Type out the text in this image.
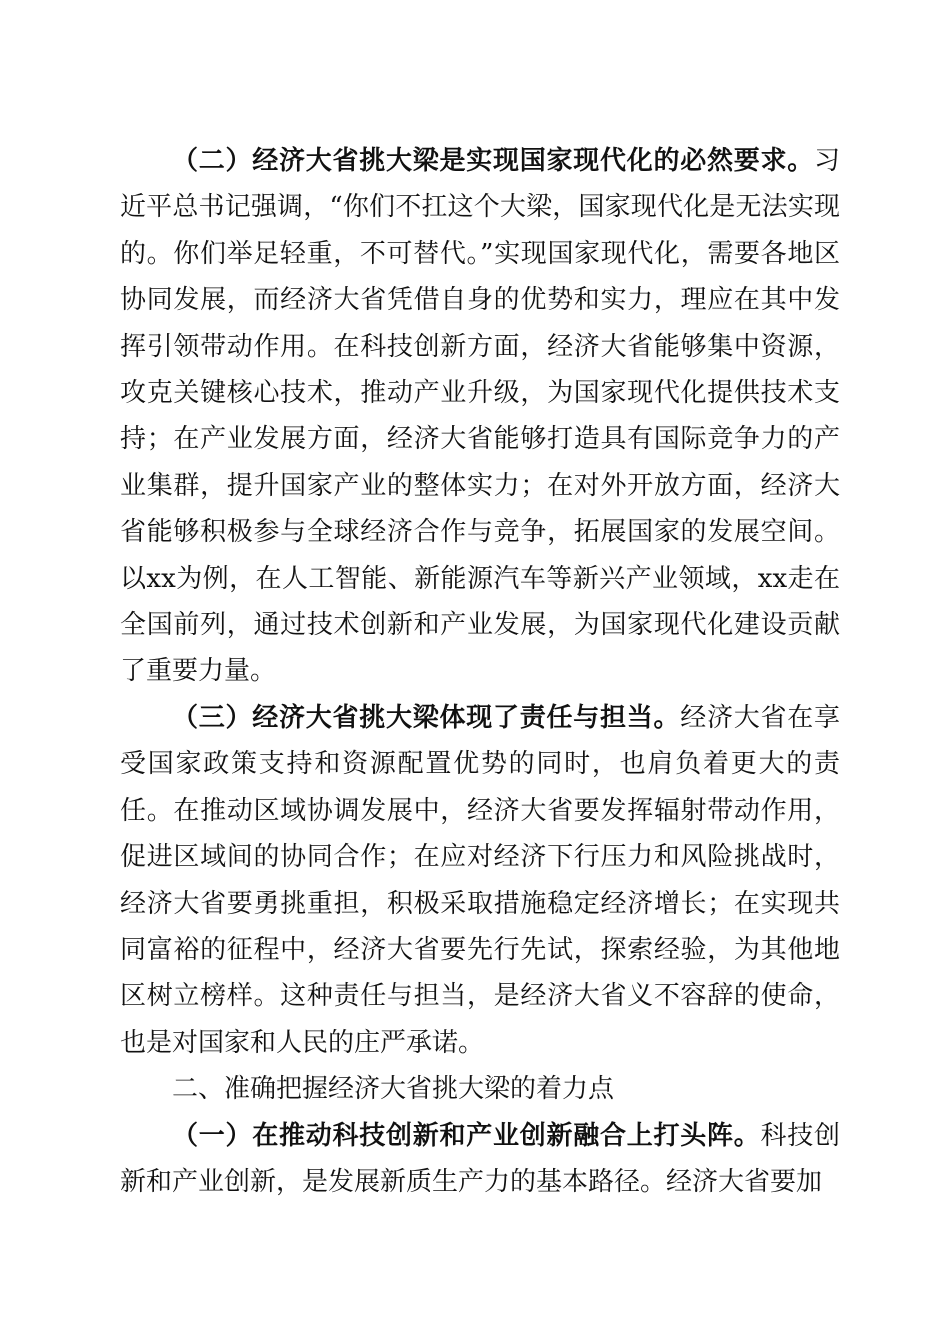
（二）经济大省挑大梁是实现国家现代化的必然要求。习近平总书记强调，“你们不扛这个大梁，国家现代化是无法实现的。你们举足轻重，不可替代。”实现国家现代化，需要各地区协同发展，而经济大省凭借自身的优势和实力，理应在其中发挥引领带动作用。在科技创新方面，经济大省能够集中资源，攻克关键核心技术，推动产业升级，为国家现代化提供技术支持；在产业发展方面，经济大省能够打造具有国际竞争力的产业集群，提升国家产业的整体实力；在对外开放方面，经济大省能够积极参与全球经济合作与竞争，拓展国家的发展空间。以xx为例，在人工智能、新能源汽车等新兴产业领域，xx走在全国前列，通过技术创新和产业发展，为国家现代化建设贡献了重要力量。

（三）经济大省挑大梁体现了责任与担当。经济大省在享受国家政策支持和资源配置优势的同时，也肩负着更大的责任。在推动区域协调发展中，经济大省要发挥辐射带动作用，促进区域间的协同合作；在应对经济下行压力和风险挑战时，经济大省要勇挑重担，积极采取措施稳定经济增长；在实现共同富裕的征程中，经济大省要先行先试，探索经验，为其他地区树立榜样。这种责任与担当，是经济大省义不容辞的使命，也是对国家和人民的庄严承诺。

二、准确把握经济大省挑大梁的着力点

（一）在推动科技创新和产业创新融合上打头阵。科技创新和产业创新，是发展新质生产力的基本路径。经济大省要加
